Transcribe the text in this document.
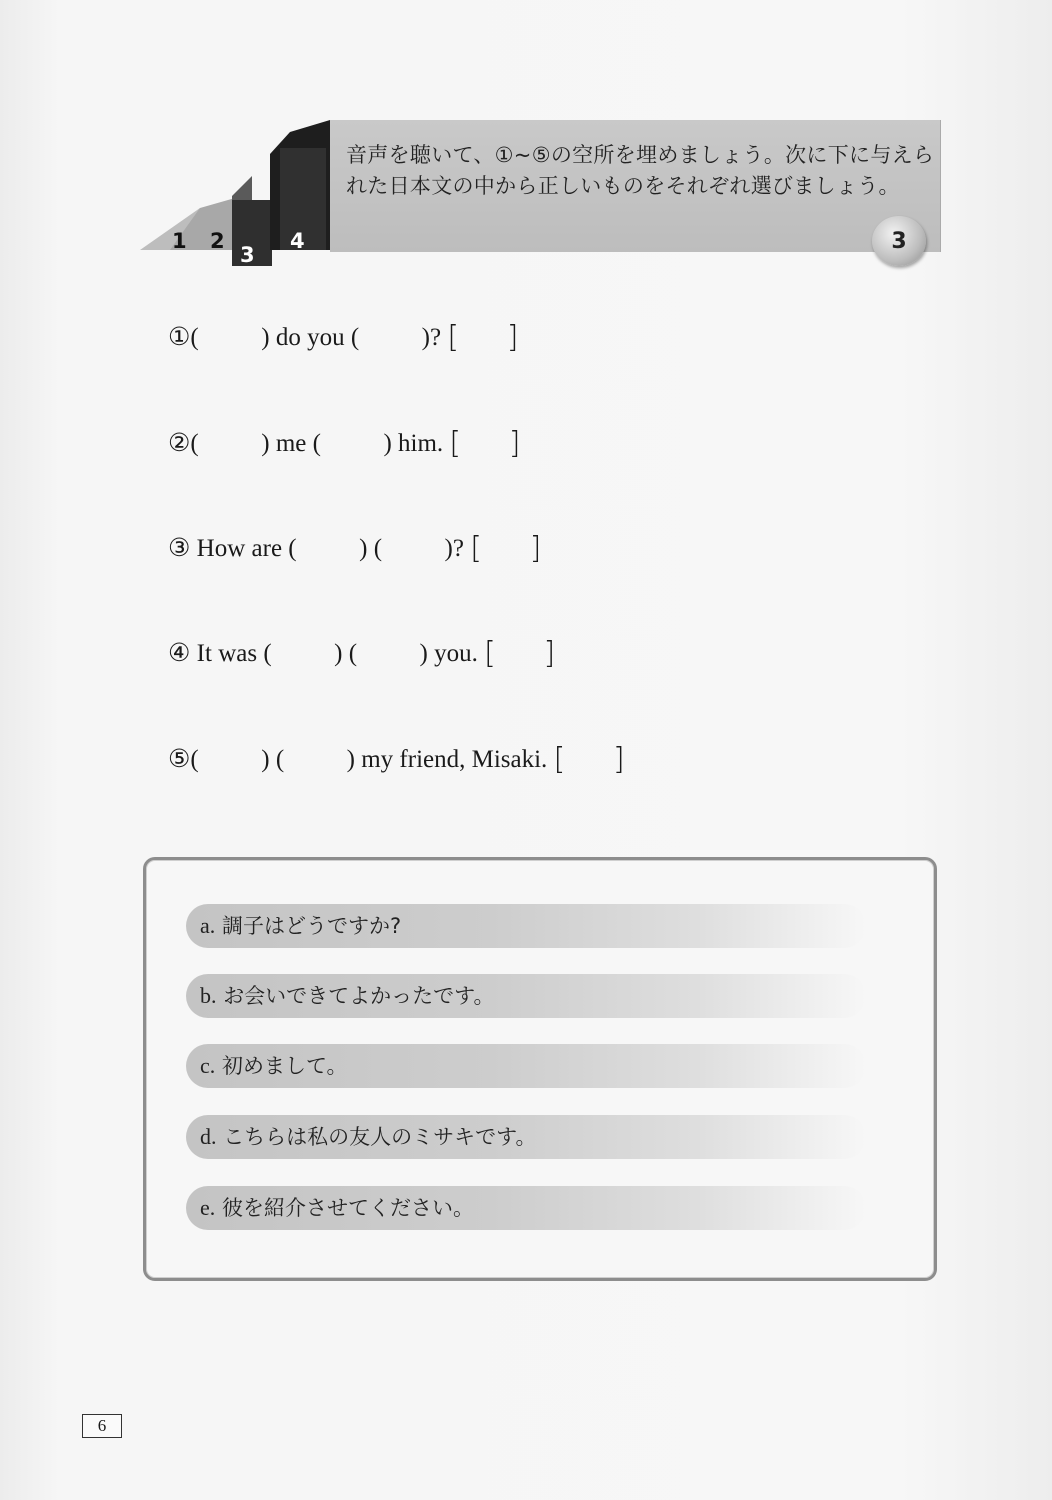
1 2
3
4
音声を聴いて、①~⑤の空所を埋めましょう。次に下に与えられた日本文の中から正しいものをそれぞれ選びましょう。
3
①(          ) do you (          )? [     ]
②(          ) me (          ) him. [     ]
③ How are (          ) (          )? [     ]
④ It was (          ) (          ) you. [     ]
⑤(          ) (          ) my friend, Misaki. [     ]
a. 調子はどうですか?
b. お会いできてよかったです。
c. 初めまして。
d. こちらは私の友人のミサキです。
e. 彼を紹介させてください。
6
